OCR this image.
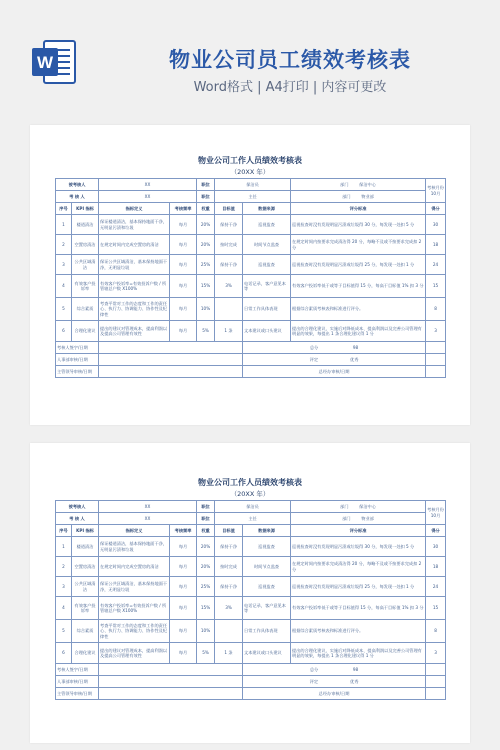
W	物业公司员工绩效考核表
Word格式 | A4打印 | 内容可更改
物业公司工作人员绩效考核表
（20XX 年）
被考核人		XX		职位	保洁员		部门 保洁中心	考核月份
10月
考 核 人		XX		职位	主任		部门 物业部	
序号	KPI 指标	指标定义	考核频率	权重	目标值	数据来源	评分标准	得分
1	楼道清洁	保证楼道清洁，基本保持地面干净，无明显污渍和垃圾	每月	20%	保持干净	巡视监查	巡视检查时没有发现明显污渍或垃圾得 30 分，每发现一处扣 5 分	30
2	空置房清洁	在规定时间内完成空置房的清洁	每月	20%	按时完成	时间节点监查	在规定时间内按要求完成清洁得 20 分，每略不及或不按要求完成扣 2 分	18
3	公共区域清洁	保证公共区域清洁，基本保持地面干净，无明显垃圾	每月	25%	保持干净	巡视监查	巡视检查时没有发现明显污渍或垃圾得 25 分，每发现一处扣 1 分	24
4	有效客户投诉率	有效客户投诉率=有效投诉户数 / 所管辖总户数 X100%	每月	15%	3%	电话记录，客户意见本等	有效客户投诉率低于或等于目标值得 15 分，每高于目标值 1% 扣 3 分	15
5	综合素质	考查平常对工作的态度和工作的责任心、执行力、协调能力、协作性及纪律性	每月	10%		日常工作具体表现	根据综合素质考核表和标准进行评分。	8
6	合理化建议	提出的建议对管理成本，提高利润以及提高公司管理有效性	每月	5%	1 条	文本建议或口头建议	提出的合理化建议，实施后对降低成本、提高利润以及完善公司管理有明显的效果，每提出 1 条合理化建议得 1 分	3
考核人签字/日期						总分 98		
人事部审核/日期						评定 优秀		
主管领导审核/日期						总经办审核/日期		
物业公司工作人员绩效考核表
（20XX 年）
被考核人		XX		职位	保洁员		部门 保洁中心	考核月份
10月
考 核 人		XX		职位	主任		部门 物业部	
序号	KPI 指标	指标定义	考核频率	权重	目标值	数据来源	评分标准	得分
1	楼道清洁	保证楼道清洁，基本保持地面干净，无明显污渍和垃圾	每月	20%	保持干净	巡视监查	巡视检查时没有发现明显污渍或垃圾得 30 分，每发现一处扣 5 分	30
2	空置房清洁	在规定时间内完成空置房的清洁	每月	20%	按时完成	时间节点监查	在规定时间内按要求完成清洁得 20 分，每略不及或不按要求完成扣 2 分	18
3	公共区域清洁	保证公共区域清洁，基本保持地面干净，无明显垃圾	每月	25%	保持干净	巡视监查	巡视检查时没有发现明显污渍或垃圾得 25 分，每发现一处扣 1 分	24
4	有效客户投诉率	有效客户投诉率=有效投诉户数 / 所管辖总户数 X100%	每月	15%	3%	电话记录，客户意见本等	有效客户投诉率低于或等于目标值得 15 分，每高于目标值 1% 扣 3 分	15
5	综合素质	考查平常对工作的态度和工作的责任心、执行力、协调能力、协作性及纪律性	每月	10%		日常工作具体表现	根据综合素质考核表和标准进行评分。	8
6	合理化建议	提出的建议对管理成本，提高利润以及提高公司管理有效性	每月	5%	1 条	文本建议或口头建议	提出的合理化建议，实施后对降低成本、提高利润以及完善公司管理有明显的效果，每提出 1 条合理化建议得 1 分	3
考核人签字/日期						总分 98		
人事部审核/日期						评定 优秀		
主管领导审核/日期						总经办审核/日期		
